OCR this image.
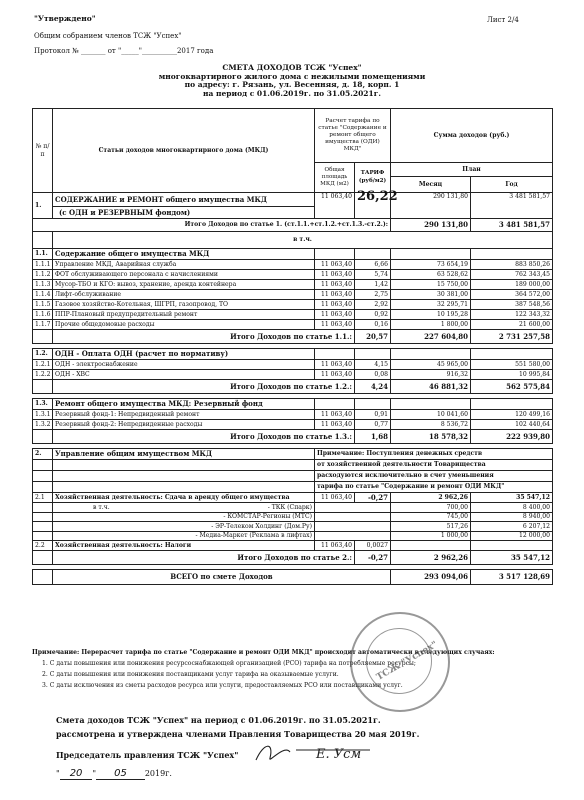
"Утверждено"	Лист 2/4
Общим собранием членов ТСЖ "Успех"
Протокол № _______ от "_____"__________2017 года
СМЕТА ДОХОДОВ ТСЖ "Успех"
многоквартирного жилого дома с нежилыми помещениями
по адресу: г. Рязань, ул. Весенняя, д. 18, корп. 1
на период с 01.06.2019г. по 31.05.2021г.
№ п/п	Статьи доходов многоквартирного дома (МКД)	Расчет тарифа по статье "Содержание и ремонт общего имущества (ОДИ) МКД"		Сумма доходов (руб.)	
		Общая площадь МКД (м2)	ТАРИФ (руб/м2)	План	
				Месяц	Год
1.	СОДЕРЖАНИЕ и РЕМОНТ общего имущества МКД	11 063,40	26,22	290 131,80	3 481 581,57
	(с ОДН и РЕЗЕРВНЫМ фондом)				
Итого Доходов по статье 1. (ст.1.1.+ст.1.2.+ст.1.3.-ст.2.):				290 131,80	3 481 581,57
	в т.ч.				
1.1.	Содержание общего имущества МКД				
1.1.1	Управление МКД, Аварийная служба	11 063,40	6,66	73 654,19	883 850,26
1.1.2	ФОТ обслуживающего персонала с начислениями	11 063,40	5,74	63 528,62	762 343,45
1.1.3	Мусор-ТБО и КГО: вывоз, хранение, аренда контейнера	11 063,40	1,42	15 750,00	189 000,00
1.1.4	Лифт-обслуживание	11 063,40	2,75	30 381,00	364 572,00
1.1.5	Газовое хозяйство-Котельная, ШГРП, газопровод, ТО	11 063,40	2,92	32 295,71	387 548,56
1.1.6	ППР-Плановый предупредительный ремонт	11 063,40	0,92	10 195,28	122 343,32
1.1.7	Прочие общедомовые расходы	11 063,40	0,16	1 800,00	21 600,00
	Итого Доходов по статье 1.1.:		20,57	227 604,80	2 731 257,58

1.2.	ОДН - Оплата ОДН (расчет по нормативу)				
1.2.1	ОДН - электроснабжение	11 063,40	4,15	45 965,00	551 580,00
1.2.2	ОДН - ХВС	11 063,40	0,08	916,32	10 995,84
	Итого Доходов по статье 1.2.:		4,24	46 881,32	562 575,84

1.3.	Ремонт общего имущества МКД: Резервный фонд				
1.3.1	Резервный фонд-1: Непредвиденный ремонт	11 063,40	0,91	10 041,60	120 499,16
1.3.2	Резервный фонд-2: Непредвиденные расходы	11 063,40	0,77	8 536,72	102 440,64
	Итого Доходов по статье 1.3.:		1,68	18 578,32	222 939,80

2.	Управление общим имуществом МКД	Примечание: Поступления денежных средств			
		от хозяйственной деятельности Товарищества			
		расходуются исключительно в счет уменьшения			
		тарифа по статье "Содержание и ремонт ОДИ МКД"			
2.1	Хозяйственная деятельность: Сдача в аренду общего имущества	11 063,40	-0,27	2 962,26	35 547,12

	в т.ч. - ТКК (Спарк)			700,00	8 400,00

	- КОМСТАР-Регионы (МТС)			745,00	8 940,00

	- ЭР-Телеком Холдинг (Дом.Ру)			517,26	6 207,12

	- Медиа-Маркет (Реклама в лифтах)			1 000,00	12 000,00
2.2	Хозяйственная деятельность: Налоги	11 063,40	0,0027		
	Итого Доходов по статье 2.:		-0,27	2 962,26	35 547,12

	ВСЕГО по смете Доходов			293 094,06	3 517 128,69
Примечание: Перерасчет тарифа по статье "Содержание и ремонт ОДИ МКД" происходит автоматически в следующих случаях:
1. С даты повышения или понижения ресурсоснабжающей организацией (РСО) тарифа на потребляемые ресурсы;
2. С даты повышения или понижения поставщиками услуг тарифа на оказываемые услуги.
3. С даты исключения из сметы расходов ресурса или услуги, предоставляемых РСО или поставщиками услуг.
ТСЖ "Успех"
Смета доходов ТСЖ "Успех" на период с 01.06.2019г. по 31.05.2021г.
рассмотрена и утверждена членами Правления Товарищества 20 мая 2019г.
Председатель правления ТСЖ "Успех"
" 20 " 05 2019г.
Е. Усм
